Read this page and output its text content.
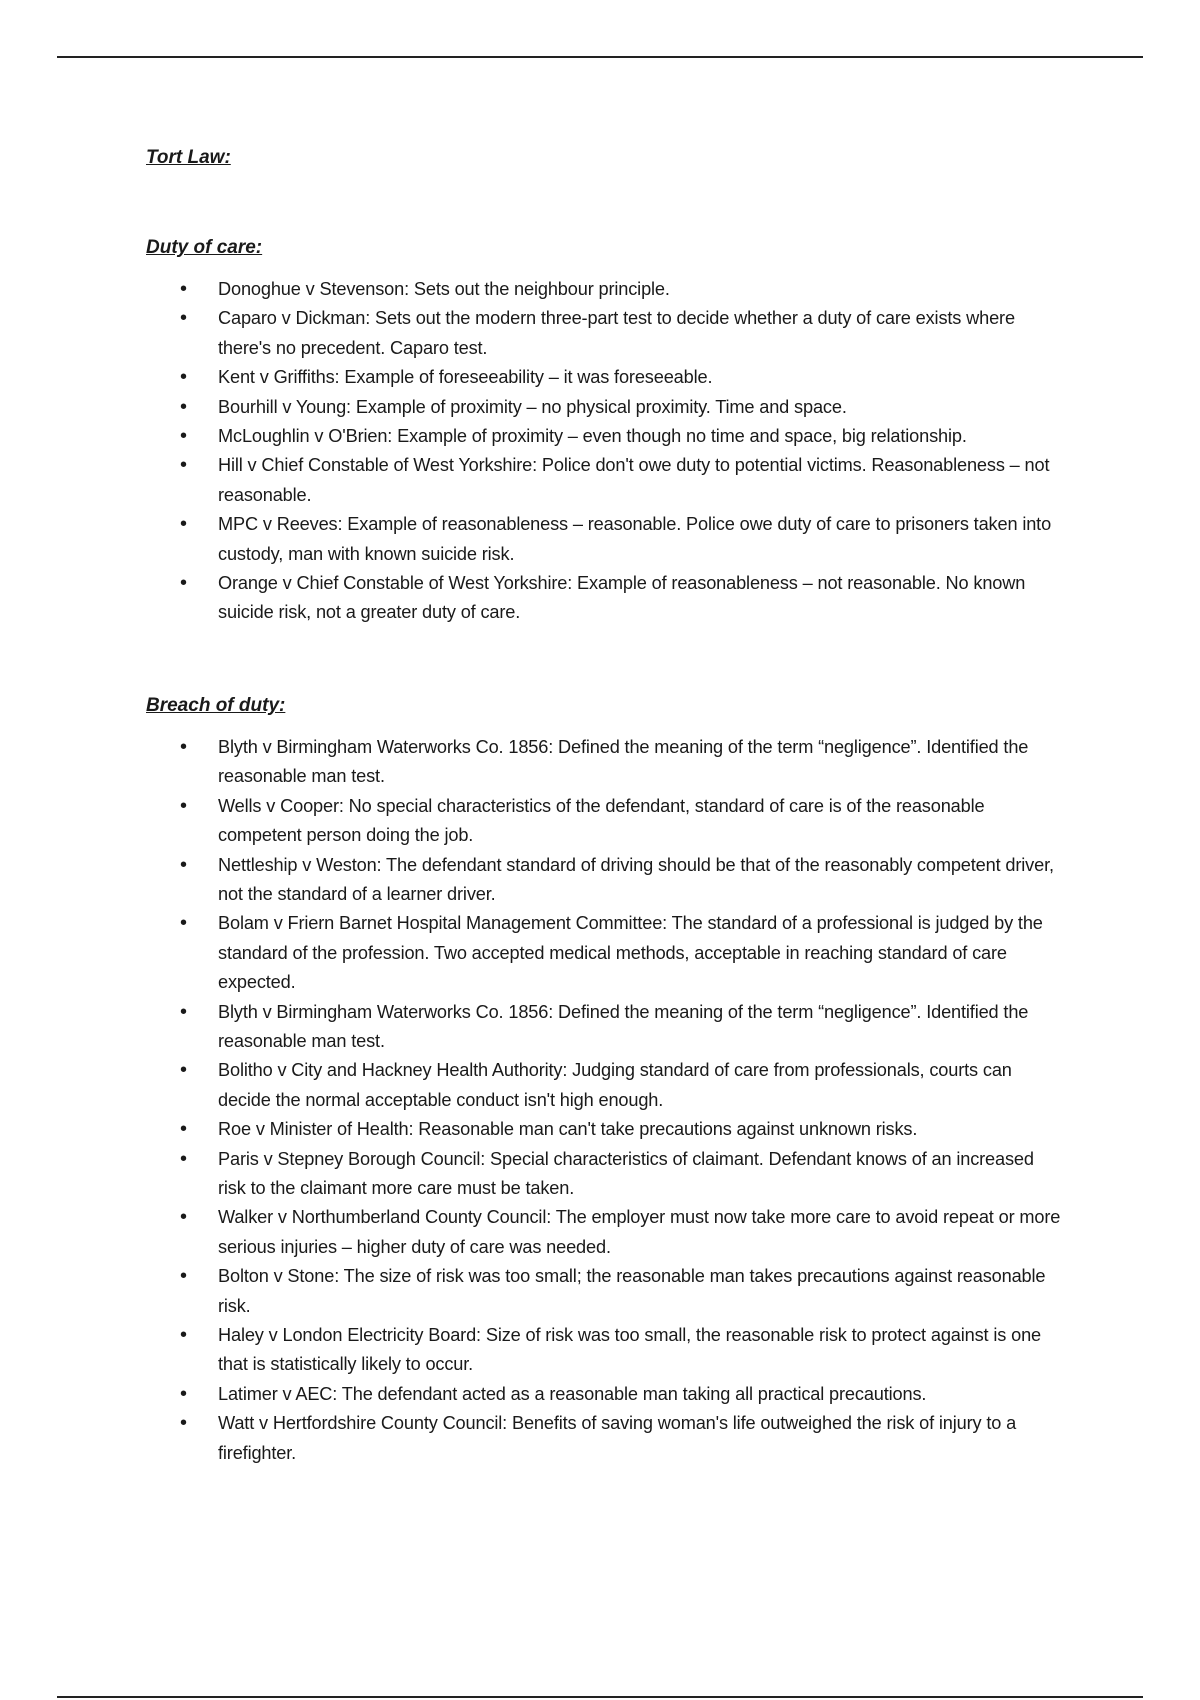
Tort Law:

Duty of care:

• Donoghue v Stevenson: Sets out the neighbour principle.
• Caparo v Dickman: Sets out the modern three-part test to decide whether a duty of care exists where there's no precedent. Caparo test.
• Kent v Griffiths: Example of foreseeability – it was foreseeable.
• Bourhill v Young: Example of proximity – no physical proximity. Time and space.
• McLoughlin v O'Brien: Example of proximity – even though no time and space, big relationship.
• Hill v Chief Constable of West Yorkshire: Police don't owe duty to potential victims. Reasonableness – not reasonable.
• MPC v Reeves: Example of reasonableness – reasonable. Police owe duty of care to prisoners taken into custody, man with known suicide risk.
• Orange v Chief Constable of West Yorkshire: Example of reasonableness – not reasonable. No known suicide risk, not a greater duty of care.

Breach of duty:

• Blyth v Birmingham Waterworks Co. 1856: Defined the meaning of the term “negligence”. Identified the reasonable man test.
• Wells v Cooper: No special characteristics of the defendant, standard of care is of the reasonable competent person doing the job.
• Nettleship v Weston: The defendant standard of driving should be that of the reasonably competent driver, not the standard of a learner driver.
• Bolam v Friern Barnet Hospital Management Committee: The standard of a professional is judged by the standard of the profession. Two accepted medical methods, acceptable in reaching standard of care expected.
• Blyth v Birmingham Waterworks Co. 1856: Defined the meaning of the term “negligence”. Identified the reasonable man test.
• Bolitho v City and Hackney Health Authority: Judging standard of care from professionals, courts can decide the normal acceptable conduct isn't high enough.
• Roe v Minister of Health: Reasonable man can't take precautions against unknown risks.
• Paris v Stepney Borough Council: Special characteristics of claimant. Defendant knows of an increased risk to the claimant more care must be taken.
• Walker v Northumberland County Council: The employer must now take more care to avoid repeat or more serious injuries – higher duty of care was needed.
• Bolton v Stone: The size of risk was too small; the reasonable man takes precautions against reasonable risk.
• Haley v London Electricity Board: Size of risk was too small, the reasonable risk to protect against is one that is statistically likely to occur.
• Latimer v AEC: The defendant acted as a reasonable man taking all practical precautions.
• Watt v Hertfordshire County Council: Benefits of saving woman's life outweighed the risk of injury to a firefighter.
